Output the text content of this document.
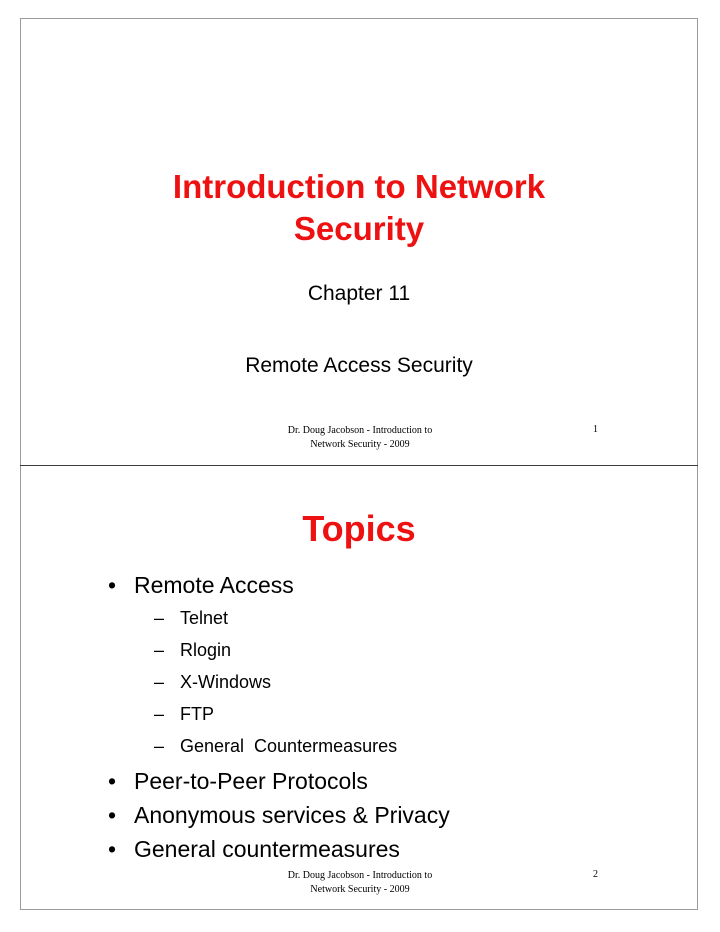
Introduction to Network
Security
Chapter 11
Remote Access Security
Dr. Doug Jacobson - Introduction to
Network Security - 2009
1
Topics
• Remote Access
– Telnet
– Rlogin
– X-Windows
– FTP
– General  Countermeasures
• Peer-to-Peer Protocols
• Anonymous services & Privacy
• General countermeasures
Dr. Doug Jacobson - Introduction to
Network Security - 2009
2
